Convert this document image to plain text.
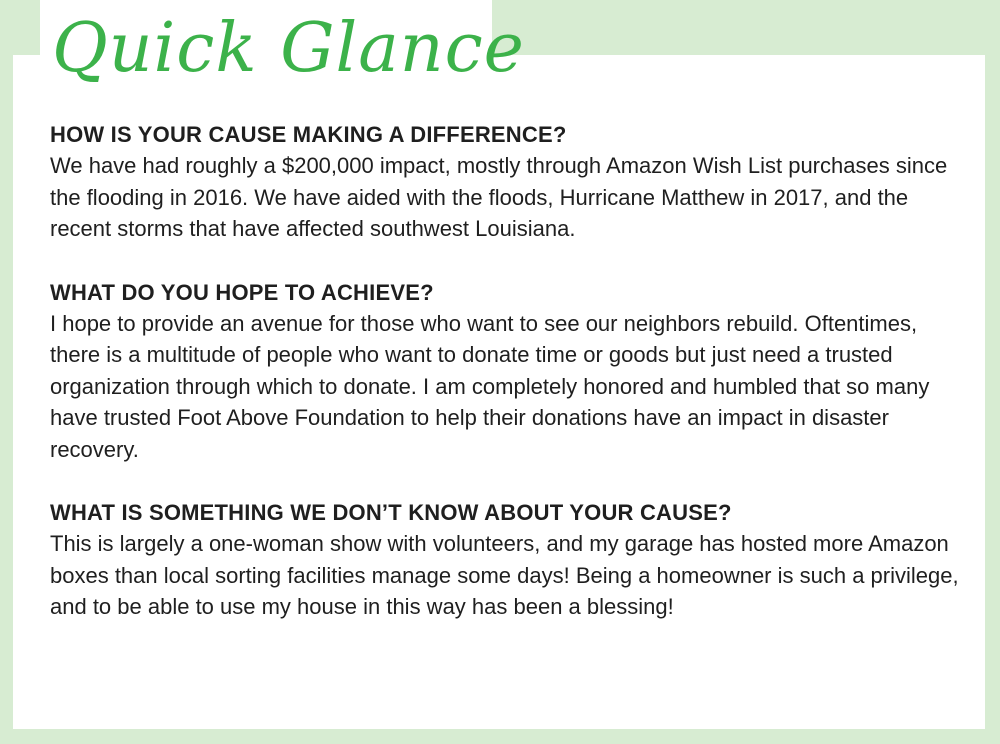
Quick Glance

HOW IS YOUR CAUSE MAKING A DIFFERENCE?

We have had roughly a $200,000 impact, mostly through Amazon Wish List purchases since the flooding in 2016. We have aided with the floods, Hurricane Matthew in 2017, and the recent storms that have affected southwest Louisiana.

WHAT DO YOU HOPE TO ACHIEVE?

I hope to provide an avenue for those who want to see our neighbors rebuild. Oftentimes, there is a multitude of people who want to donate time or goods but just need a trusted organization through which to donate. I am completely honored and humbled that so many have trusted Foot Above Foundation to help their donations have an impact in disaster recovery.

WHAT IS SOMETHING WE DON’T KNOW ABOUT YOUR CAUSE?

This is largely a one-woman show with volunteers, and my garage has hosted more Amazon boxes than local sorting facilities manage some days! Being a homeowner is such a privilege, and to be able to use my house in this way has been a blessing!
